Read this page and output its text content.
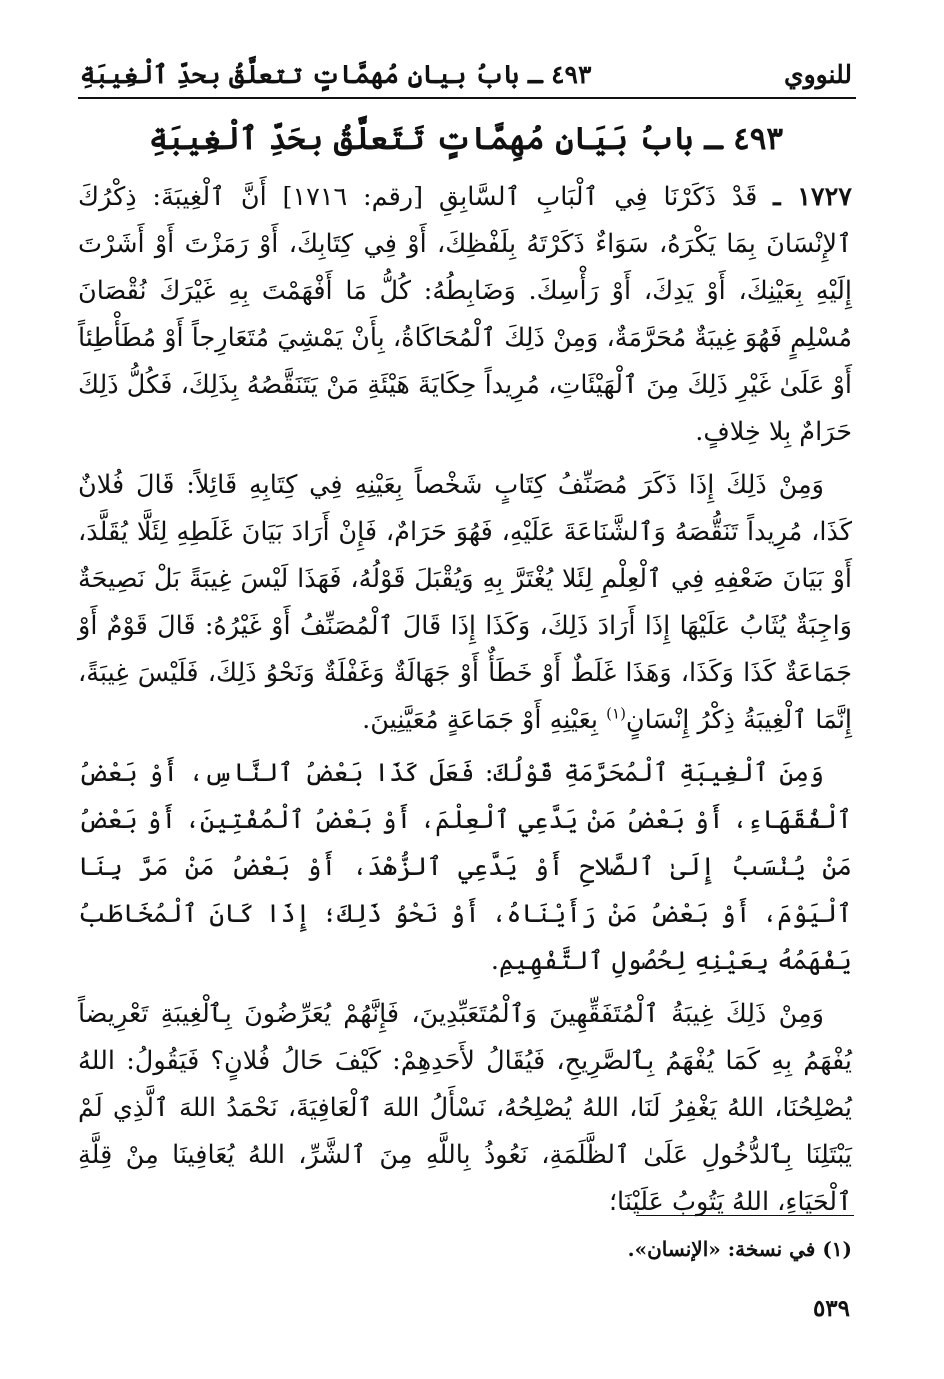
للنووي
٤٩٣ ـ بابُ بيانِ مُهمَّاتٍ تتعلَّقُ بحدِّ ٱلْغِيبَةِ
٤٩٣ ـ بابُ بَيَانِ مُهِمَّاتٍ تَتَعلَّقُ بحَدِّ ٱلْغِيبَةِ

١٧٢٧ ـ قَدْ ذَكَرْنَا فِي ٱلْبَابِ ٱلسَّابِقِ [رقم: ١٧١٦] أَنَّ ٱلْغِيبَةَ: ذِكْرُكَ ٱلإِنْسَانَ بِمَا يَكْرَهُ، سَوَاءٌ ذَكَرْتَهُ بِلَفْظِكَ، أَوْ فِي كِتَابِكَ، أَوْ رَمَزْتَ أَوْ أَشَرْتَ إِلَيْهِ بِعَيْنِكَ، أَوْ يَدِكَ، أَوْ رَأْسِكَ. وَضَابِطُهُ: كُلُّ مَا أَفْهَمْتَ بِهِ غَيْرَكَ نُقْصَانَ مُسْلِمٍ فَهُوَ غِيبَةٌ مُحَرَّمَةٌ، وَمِنْ ذَلِكَ ٱلْمُحَاكَاةُ، بِأَنْ يَمْشِيَ مُتَعَارِجاً أَوْ مُطَأْطِئاً أَوْ عَلَىٰ غَيْرِ ذَلِكَ مِنَ ٱلْهَيْئَاتِ، مُرِيداً حِكَايَةَ هَيْئَةِ مَنْ يَتَنَقَّصُهُ بِذَلِكَ، فَكُلُّ ذَلِكَ حَرَامٌ بِلا خِلافٍ.

وَمِنْ ذَلِكَ إِذَا ذَكَرَ مُصَنِّفُ كِتَابٍ شَخْصاً بِعَيْنِهِ فِي كِتَابِهِ قَائِلاً: قَالَ فُلانٌ كَذَا، مُرِيداً تَنَقُّصَهُ وَٱلشَّنَاعَةَ عَلَيْهِ، فَهُوَ حَرَامٌ، فَإِنْ أَرَادَ بَيَانَ غَلَطِهِ لِئَلَّا يُقَلَّدَ، أَوْ بَيَانَ ضَعْفِهِ فِي ٱلْعِلْمِ لِئَلا يُغْتَرَّ بِهِ وَيُقْبَلَ قَوْلُهُ، فَهَذَا لَيْسَ غِيبَةً بَلْ نَصِيحَةٌ وَاجِبَةٌ يُثَابُ عَلَيْهَا إِذَا أَرَادَ ذَلِكَ، وَكَذَا إِذَا قَالَ ٱلْمُصَنِّفُ أَوْ غَيْرُهُ: قَالَ قَوْمٌ أَوْ جَمَاعَةٌ كَذَا وَكَذَا، وَهَذَا غَلَطٌ أَوْ خَطَأٌ أَوْ جَهَالَةٌ وَغَفْلَةٌ وَنَحْوُ ذَلِكَ، فَلَيْسَ غِيبَةً، إِنَّمَا ٱلْغِيبَةُ ذِكْرُ إِنْسَانٍ$^{(١)}$ بِعَيْنِهِ أَوْ جَمَاعَةٍ مُعَيَّنِينَ.

وَمِنَ ٱلْغِيبَةِ ٱلْمُحَرَّمَةِ قَوْلُكَ: فَعَلَ كَذَا بَعْضُ ٱلنَّاسِ، أَوْ بَعْضُ ٱلْفُقَهَاءِ، أَوْ بَعْضُ مَنْ يَدَّعِي ٱلْعِلْمَ، أَوْ بَعْضُ ٱلْمُفْتِينَ، أَوْ بَعْضُ مَنْ يُنْسَبُ إِلَىٰ ٱلصَّلاحِ أَوْ يَدَّعِي ٱلزُّهْدَ، أَوْ بَعْضُ مَنْ مَرَّ بِنَا ٱلْيَوْمَ، أَوْ بَعْضُ مَنْ رَأَيْنَاهُ، أَوْ نَحْوُ ذَلِكَ؛ إِذَا كَانَ ٱلْمُخَاطَبُ يَفْهَمُهُ بِعَيْنِهِ لِحُصُولِ ٱلتَّفْهِيمِ.

وَمِنْ ذَلِكَ غِيبَةُ ٱلْمُتَفَقِّهِينَ وَٱلْمُتَعَبِّدِينَ، فَإِنَّهُمْ يُعَرِّضُونَ بِٱلْغِيبَةِ تَعْرِيضاً يُفْهَمُ بِهِ كَمَا يُفْهَمُ بِٱلصَّرِيحِ، فَيُقَالُ لأَحَدِهِمْ: كَيْفَ حَالُ فُلانٍ؟ فَيَقُولُ: اللهُ يُصْلِحُنَا، اللهُ يَغْفِرُ لَنَا، اللهُ يُصْلِحُهُ، نَسْأَلُ اللهَ ٱلْعَافِيَةَ، نَحْمَدُ اللهَ ٱلَّذِي لَمْ يَبْتَلِنَا بِٱلدُّخُولِ عَلَىٰ ٱلظَّلَمَةِ، نَعُوذُ بِاللَّهِ مِنَ ٱلشَّرِّ، اللهُ يُعَافِينَا مِنْ قِلَّةِ ٱلْحَيَاءِ، اللهُ يَتُوبُ عَلَيْنَا؛

(١) في نسخة: «الإنسان».
٥٣٩
